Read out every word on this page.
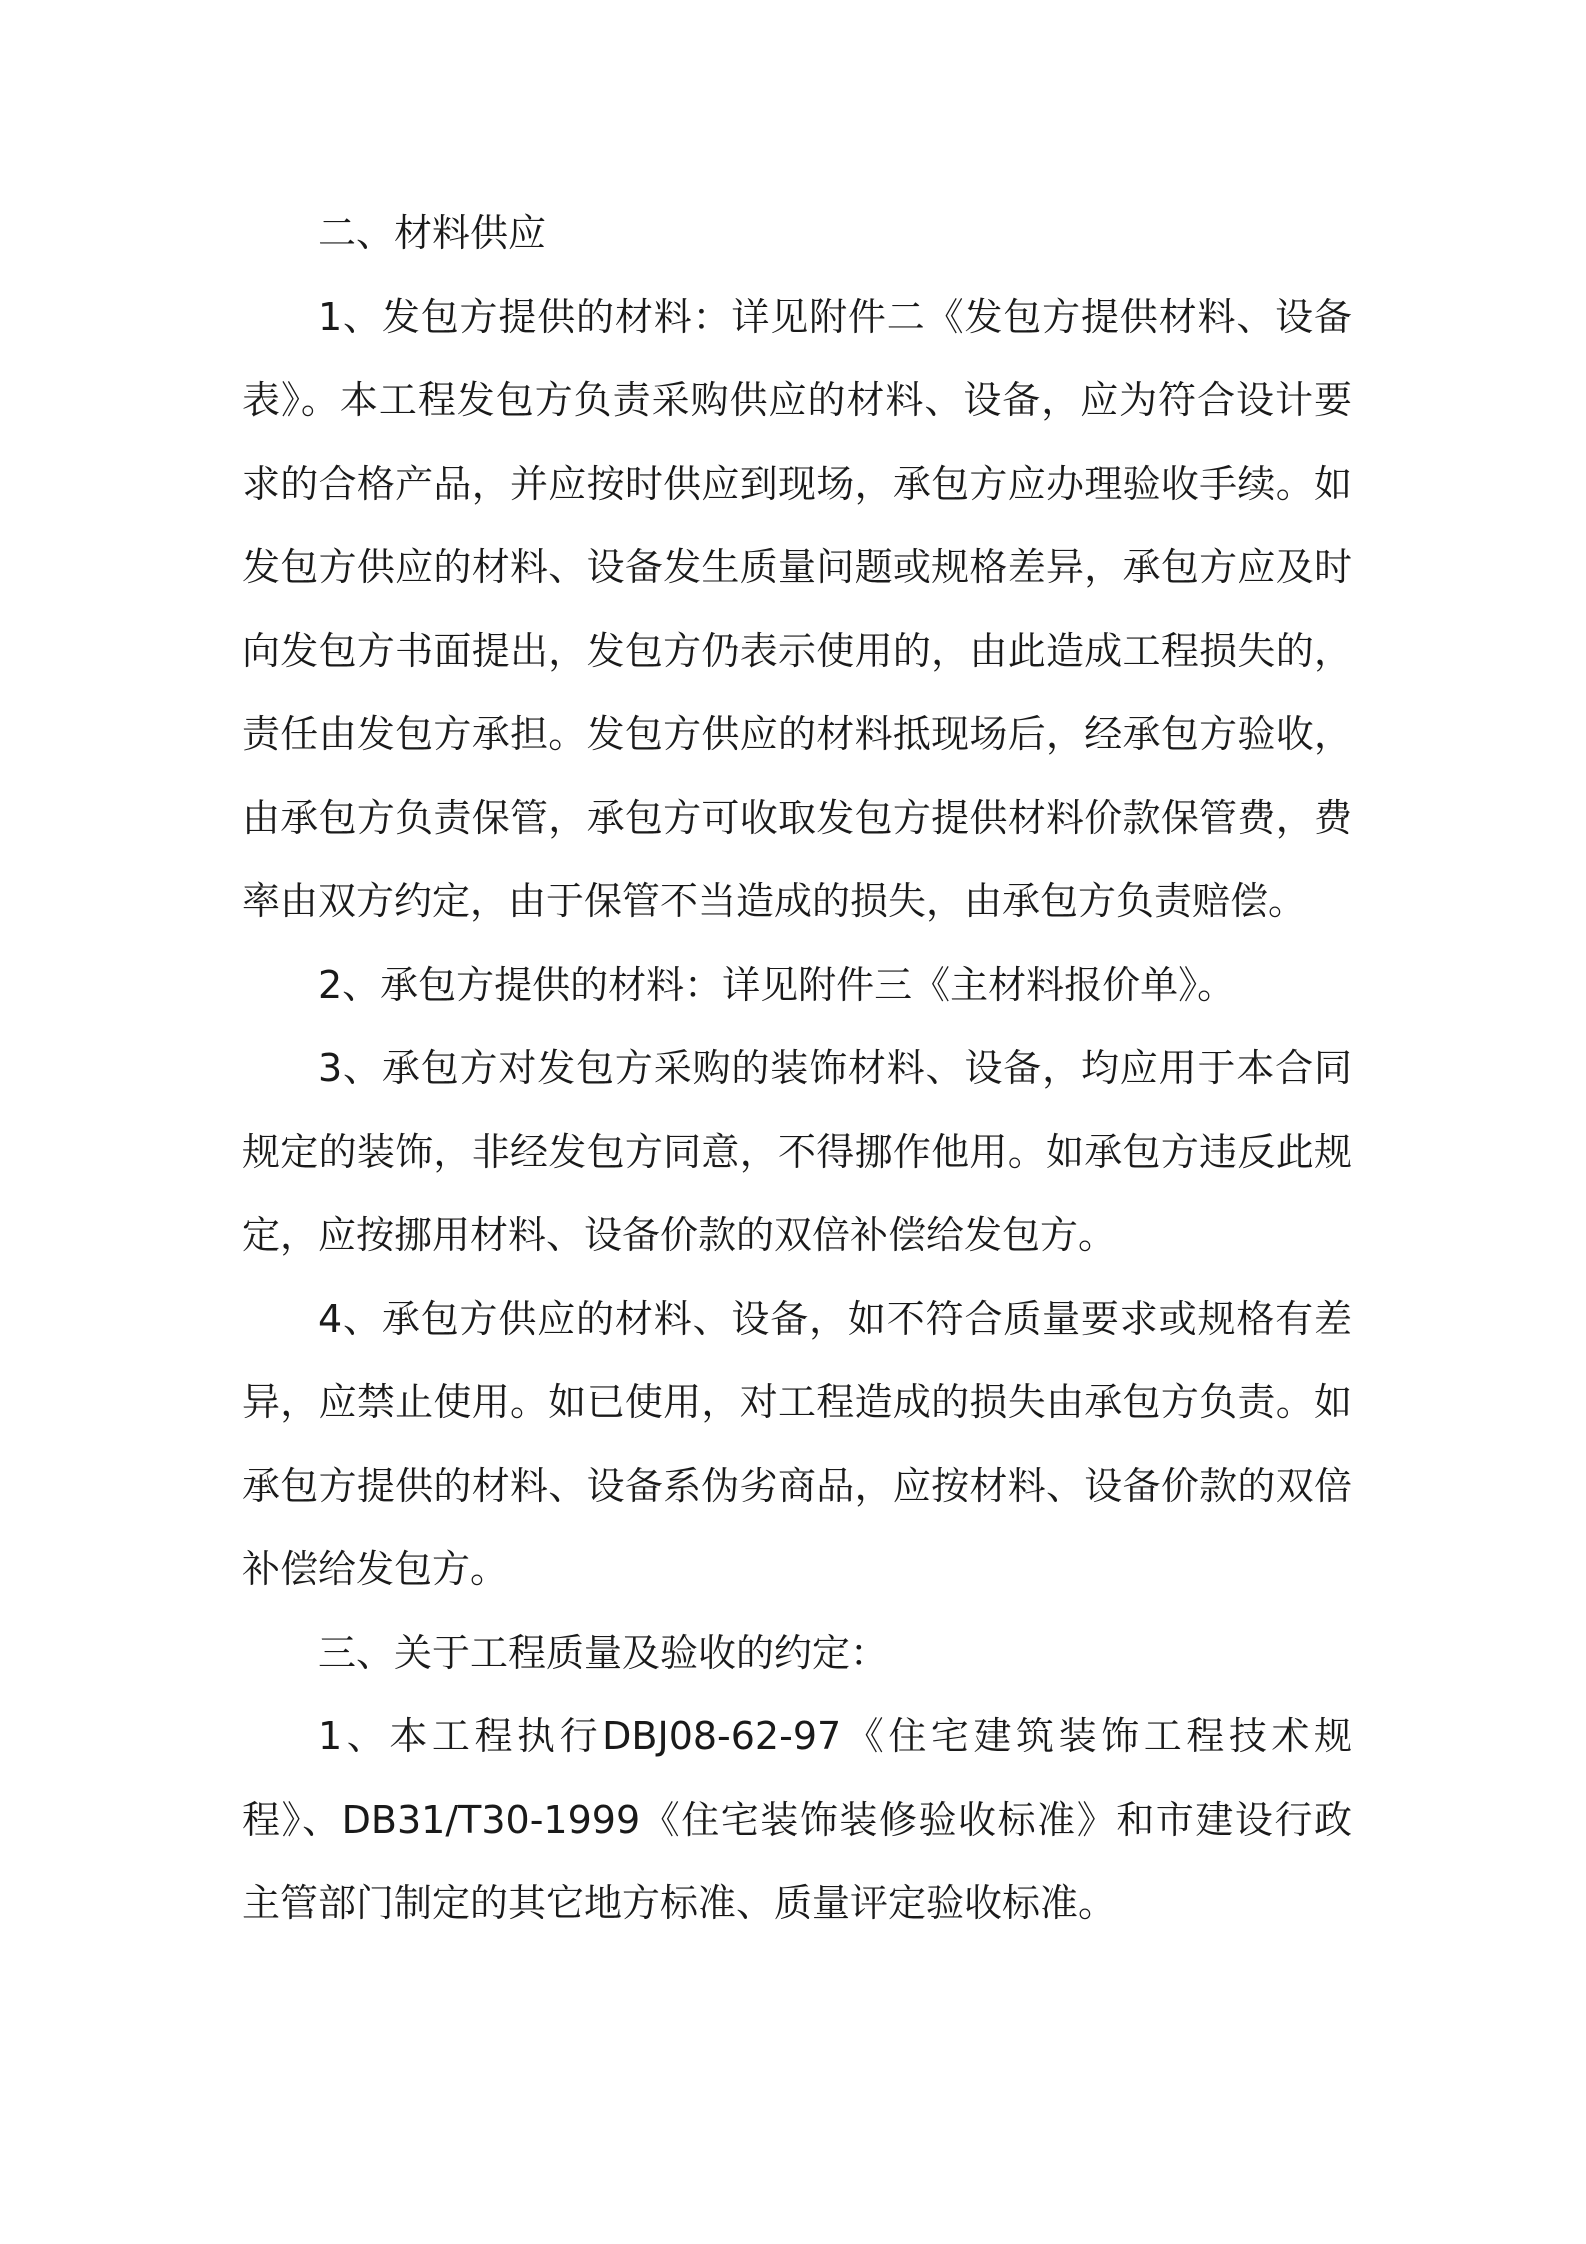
二、材料供应

1、发包方提供的材料：详见附件二《发包方提供材料、设备表》。本工程发包方负责采购供应的材料、设备，应为符合设计要求的合格产品，并应按时供应到现场，承包方应办理验收手续。如发包方供应的材料、设备发生质量问题或规格差异，承包方应及时向发包方书面提出，发包方仍表示使用的，由此造成工程损失的，责任由发包方承担。发包方供应的材料抵现场后，经承包方验收，由承包方负责保管，承包方可收取发包方提供材料价款保管费，费率由双方约定，由于保管不当造成的损失，由承包方负责赔偿。

2、承包方提供的材料：详见附件三《主材料报价单》。

3、承包方对发包方采购的装饰材料、设备，均应用于本合同规定的装饰，非经发包方同意，不得挪作他用。如承包方违反此规定，应按挪用材料、设备价款的双倍补偿给发包方。

4、承包方供应的材料、设备，如不符合质量要求或规格有差异，应禁止使用。如已使用，对工程造成的损失由承包方负责。如承包方提供的材料、设备系伪劣商品，应按材料、设备价款的双倍补偿给发包方。

三、关于工程质量及验收的约定：

1、本工程执行DBJ08-62-97《住宅建筑装饰工程技术规程》、DB31/T30-1999《住宅装饰装修验收标准》和市建设行政主管部门制定的其它地方标准、质量评定验收标准。
